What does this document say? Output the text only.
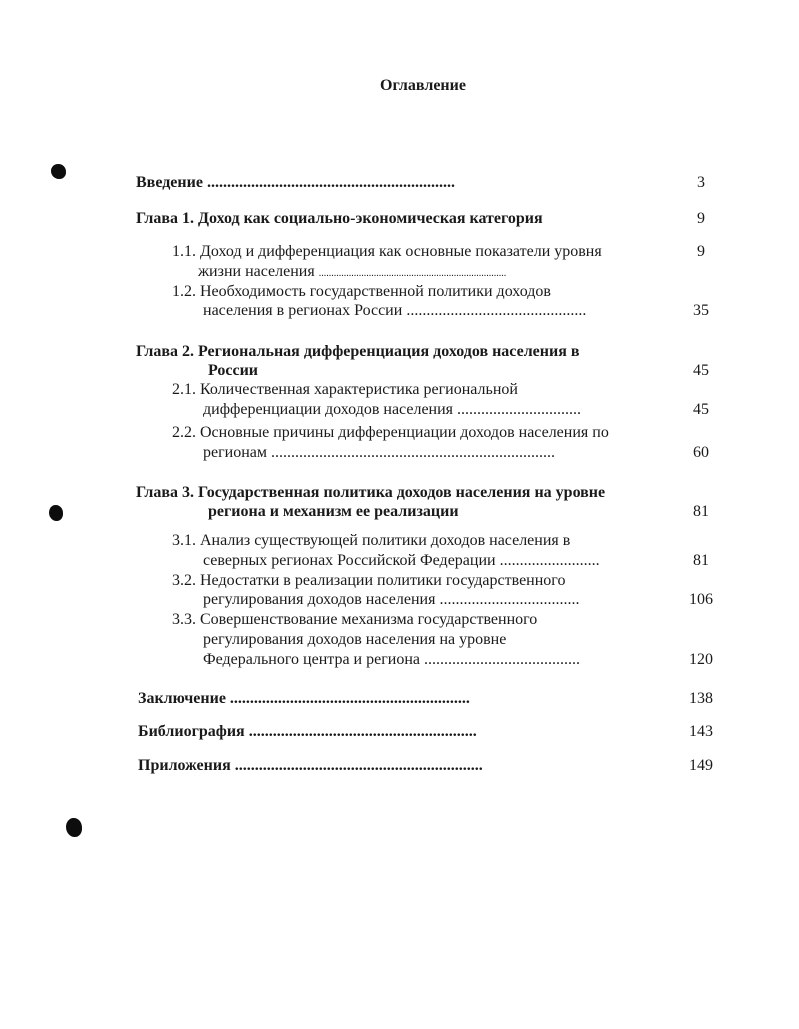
Оглавление
Введение ..............................................................	3
Глава 1. Доход как социально-экономическая категория	9
1.1. Доход и дифференциация как основные показатели уровня	9
жизни населения ...........................................................................
1.2. Необходимость государственной политики доходов
населения в регионах России .............................................	35
Глава 2. Региональная дифференциация доходов населения в
России	45
2.1. Количественная характеристика региональной
дифференциации доходов населения ...............................	45
2.2. Основные причины дифференциации доходов населения по
регионам .......................................................................	60
Глава 3. Государственная политика доходов населения на уровне
региона и механизм ее реализации	81
3.1. Анализ существующей политики доходов населения в
северных регионах Российской Федерации .........................	81
3.2. Недостатки в реализации политики государственного
регулирования доходов населения ...................................	106
3.3. Совершенствование механизма государственного
регулирования доходов населения на уровне
Федерального центра и региона .......................................	120
Заключение ............................................................	138
Библиография .........................................................	143
Приложения ..............................................................	149
